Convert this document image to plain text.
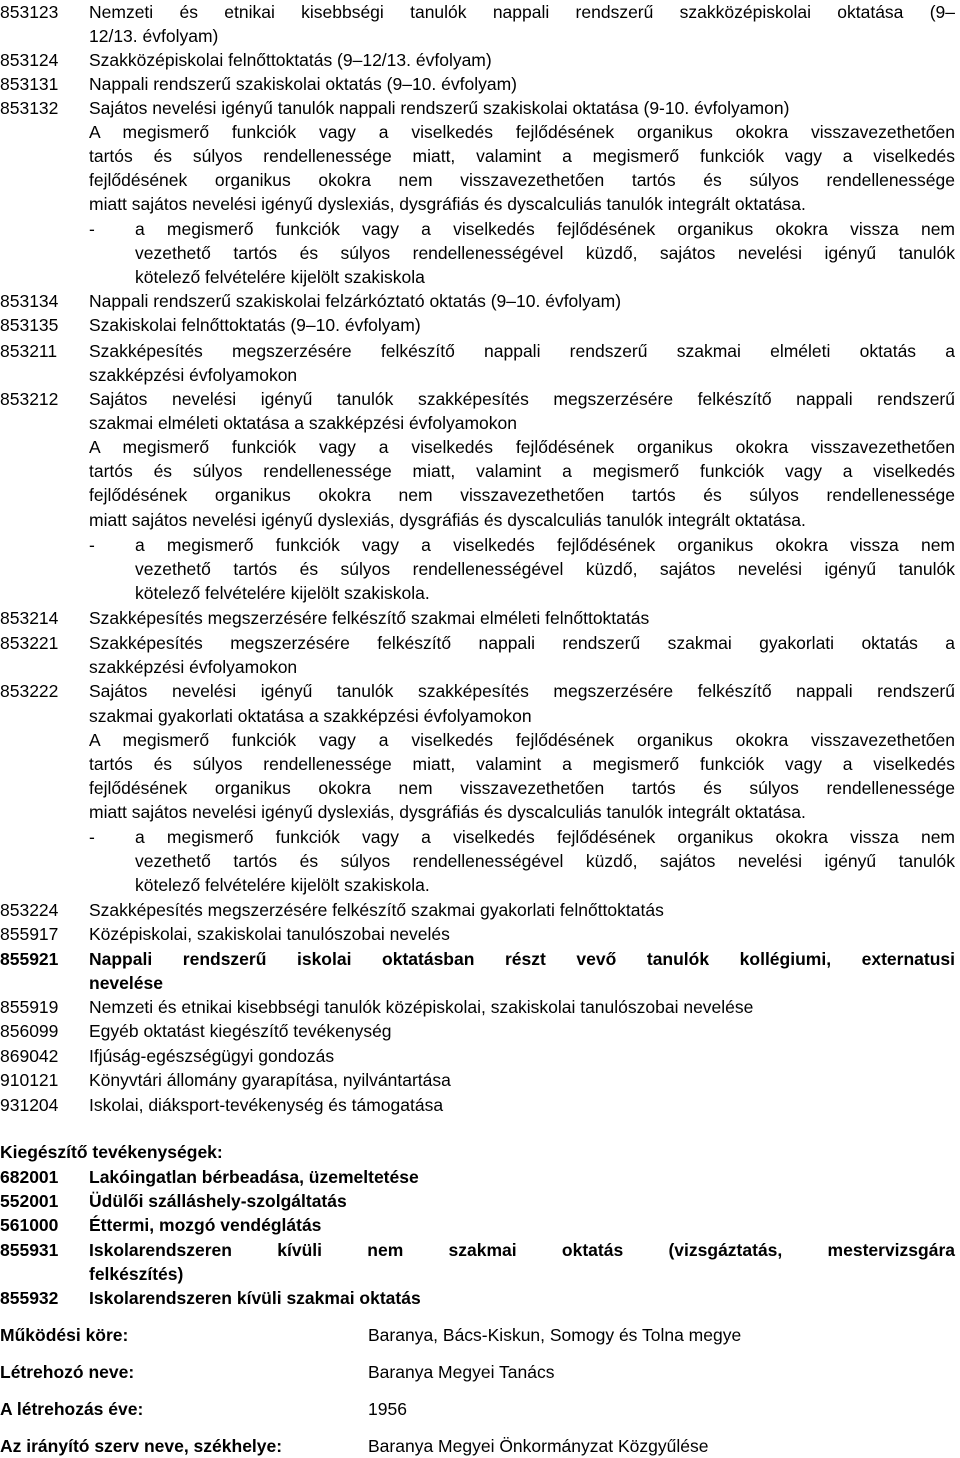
853123 Nemzeti és etnikai kisebbségi tanulók nappali rendszerű szakközépiskolai oktatása (9–
12/13. évfolyam)
853124 Szakközépiskolai felnőttoktatás (9–12/13. évfolyam)
853131 Nappali rendszerű szakiskolai oktatás (9–10. évfolyam)
853132 Sajátos nevelési igényű tanulók nappali rendszerű szakiskolai oktatása (9-10. évfolyamon)
A megismerő funkciók vagy a viselkedés fejlődésének organikus okokra visszavezethetően
tartós és súlyos rendellenessége miatt, valamint a megismerő funkciók vagy a viselkedés
fejlődésének organikus okokra nem visszavezethetően tartós és súlyos rendellenessége
miatt sajátos nevelési igényű dyslexiás, dysgráfiás és dyscalculiás tanulók integrált oktatása.
- a megismerő funkciók vagy a viselkedés fejlődésének organikus okokra vissza nem
vezethető tartós és súlyos rendellenességével küzdő, sajátos nevelési igényű tanulók
kötelező felvételére kijelölt szakiskola
853134 Nappali rendszerű szakiskolai felzárkóztató oktatás (9–10. évfolyam)
853135 Szakiskolai felnőttoktatás (9–10. évfolyam)
853211 Szakképesítés megszerzésére felkészítő nappali rendszerű szakmai elméleti oktatás a
szakképzési évfolyamokon
853212 Sajátos nevelési igényű tanulók szakképesítés megszerzésére felkészítő nappali rendszerű
szakmai elméleti oktatása a szakképzési évfolyamokon
A megismerő funkciók vagy a viselkedés fejlődésének organikus okokra visszavezethetően
tartós és súlyos rendellenessége miatt, valamint a megismerő funkciók vagy a viselkedés
fejlődésének organikus okokra nem visszavezethetően tartós és súlyos rendellenessége
miatt sajátos nevelési igényű dyslexiás, dysgráfiás és dyscalculiás tanulók integrált oktatása.
- a megismerő funkciók vagy a viselkedés fejlődésének organikus okokra vissza nem
vezethető tartós és súlyos rendellenességével küzdő, sajátos nevelési igényű tanulók
kötelező felvételére kijelölt szakiskola.
853214 Szakképesítés megszerzésére felkészítő szakmai elméleti felnőttoktatás
853221 Szakképesítés megszerzésére felkészítő nappali rendszerű szakmai gyakorlati oktatás a
szakképzési évfolyamokon
853222 Sajátos nevelési igényű tanulók szakképesítés megszerzésére felkészítő nappali rendszerű
szakmai gyakorlati oktatása a szakképzési évfolyamokon
A megismerő funkciók vagy a viselkedés fejlődésének organikus okokra visszavezethetően
tartós és súlyos rendellenessége miatt, valamint a megismerő funkciók vagy a viselkedés
fejlődésének organikus okokra nem visszavezethetően tartós és súlyos rendellenessége
miatt sajátos nevelési igényű dyslexiás, dysgráfiás és dyscalculiás tanulók integrált oktatása.
- a megismerő funkciók vagy a viselkedés fejlődésének organikus okokra vissza nem
vezethető tartós és súlyos rendellenességével küzdő, sajátos nevelési igényű tanulók
kötelező felvételére kijelölt szakiskola.
853224 Szakképesítés megszerzésére felkészítő szakmai gyakorlati felnőttoktatás
855917 Középiskolai, szakiskolai tanulószobai nevelés
855921 Nappali rendszerű iskolai oktatásban részt vevő tanulók kollégiumi, externatusi
nevelése
855919 Nemzeti és etnikai kisebbségi tanulók középiskolai, szakiskolai tanulószobai nevelése
856099 Egyéb oktatást kiegészítő tevékenység
869042 Ifjúság-egészségügyi gondozás
910121 Könyvtári állomány gyarapítása, nyilvántartása
931204 Iskolai, diáksport-tevékenység és támogatása
Kiegészítő tevékenységek:
682001 Lakóingatlan bérbeadása, üzemeltetése
552001 Üdülői szálláshely-szolgáltatás
561000 Éttermi, mozgó vendéglátás
855931 Iskolarendszeren kívüli nem szakmai oktatás (vizsgáztatás, mestervizsgára
felkészítés)
855932 Iskolarendszeren kívüli szakmai oktatás
Működési köre:	Baranya, Bács-Kiskun, Somogy és Tolna megye
Létrehozó neve:	Baranya Megyei Tanács
A létrehozás éve:	1956
Az irányító szerv neve, székhelye:	Baranya Megyei Önkormányzat Közgyűlése
